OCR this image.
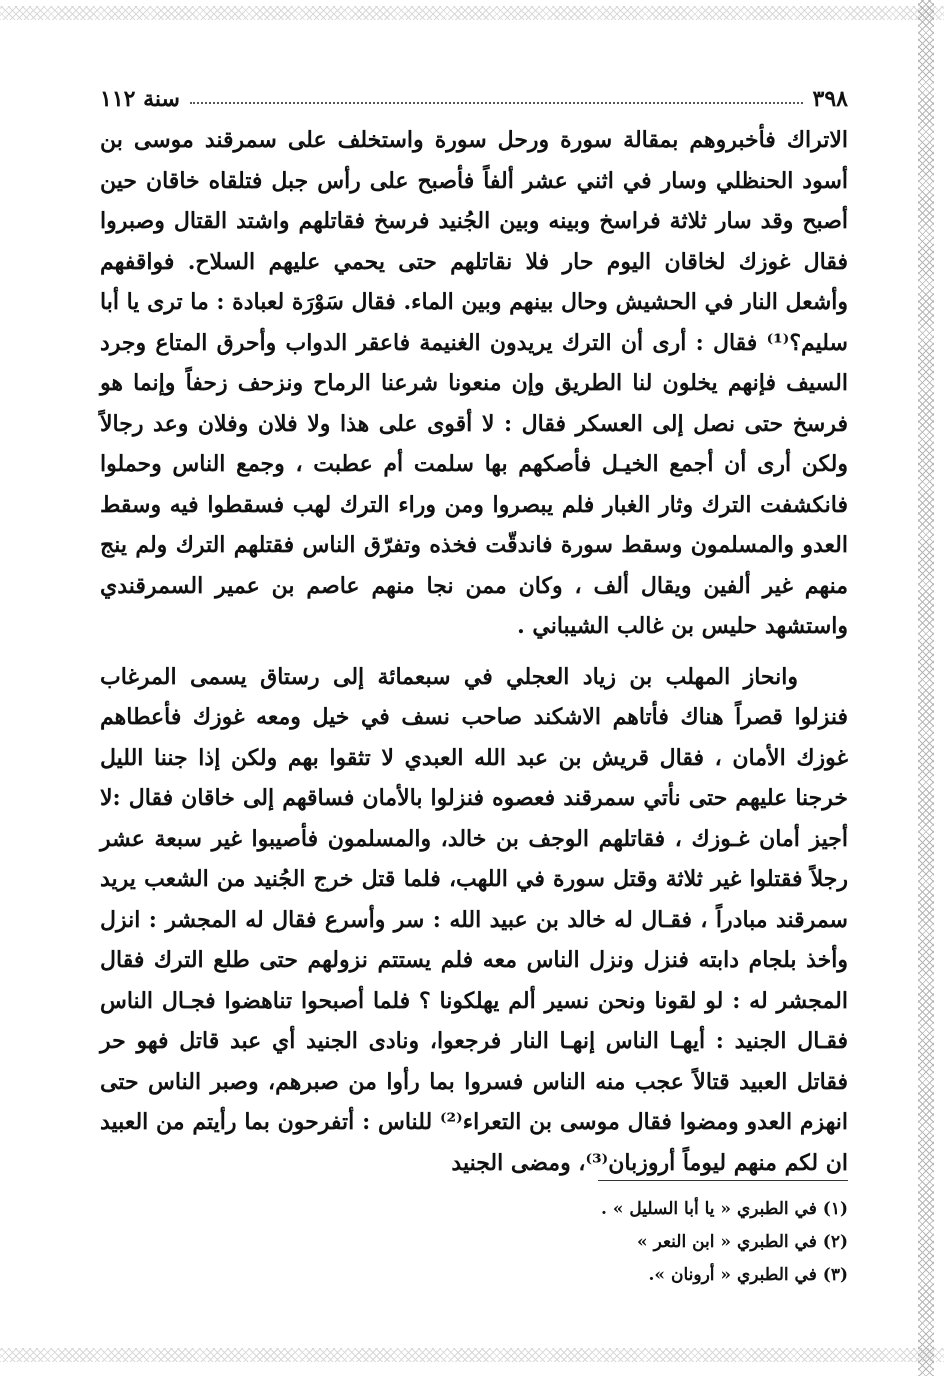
٣٩٨
سنة ١١٢

الاتراك فأخبروهم بمقالة سورة ورحل سورة واستخلف على سمرقند موسى بن أسود الحنظلي وسار في اثني عشر ألفاً فأصبح على رأس جبل فتلقاه خاقان حين أصبح وقد سار ثلاثة فراسخ وبينه وبين الجُنيد فرسخ فقاتلهم واشتد القتال وصبروا فقال غوزك لخاقان اليوم حار فلا نقاتلهم حتى يحمي عليهم السلاح. فواقفهم وأشعل النار في الحشيش وحال بينهم وبين الماء. فقال سَوْرَة لعبادة : ما ترى يا أبا سليم؟⁽¹⁾ فقال : أرى أن الترك يريدون الغنيمة فاعقر الدواب وأحرق المتاع وجرد السيف فإنهم يخلون لنا الطريق وإن منعونا شرعنا الرماح ونزحف زحفاً وإنما هو فرسخ حتى نصل إلى العسكر فقال : لا أقوى على هذا ولا فلان وفلان وعد رجالاً ولكن أرى أن أجمع الخيـل فأصكهم بها سلمت أم عطبت ، وجمع الناس وحملوا فانكشفت الترك وثار الغبار فلم يبصروا ومن وراء الترك لهب فسقطوا فيه وسقط العدو والمسلمون وسقط سورة فاندقّت فخذه وتفرّق الناس فقتلهم الترك ولم ينج منهم غير ألفين ويقال ألف ، وكان ممن نجا منهم عاصم بن عمير السمرقندي واستشهد حليس بن غالب الشيباني .

وانحاز المهلب بن زياد العجلي في سبعمائة إلى رستاق يسمى المرغاب فنزلوا قصراً هناك فأتاهم الاشكند صاحب نسف في خيل ومعه غوزك فأعطاهم غوزك الأمان ، فقال قريش بن عبد الله العبدي لا تثقوا بهم ولكن إذا جننا الليل خرجنا عليهم حتى نأتي سمرقند فعصوه فنزلوا بالأمان فساقهم إلى خاقان فقال :لا أجيز أمان غـوزك ، فقاتلهم الوجف بن خالد، والمسلمون فأصيبوا غير سبعة عشر رجلاً فقتلوا غير ثلاثة وقتل سورة في اللهب، فلما قتل خرج الجُنيد من الشعب يريد سمرقند مبادراً ، فقـال له خالد بن عبيد الله : سر وأسرع فقال له المجشر : انزل وأخذ بلجام دابته فنزل ونزل الناس معه فلم يستتم نزولهم حتى طلع الترك فقال المجشر له : لو لقونا ونحن نسير ألم يهلكونا ؟ فلما أصبحوا تناهضوا فجـال الناس فقـال الجنيد : أيهـا الناس إنهـا النار فرجعوا، ونادى الجنيد أي عبد قاتل فهو حر فقاتل العبيد قتالاً عجب منه الناس فسروا بما رأوا من صبرهم، وصبر الناس حتى انهزم العدو ومضوا فقال موسى بن التعراء⁽²⁾ للناس : أتفرحون بما رأيتم من العبيد ان لكم منهم ليوماً أروزبان⁽³⁾، ومضى الجنيد

(١) في الطبري « يا أبا السليل » .
(٢) في الطبري « ابن النعر »
(٣) في الطبري « أرونان ».
